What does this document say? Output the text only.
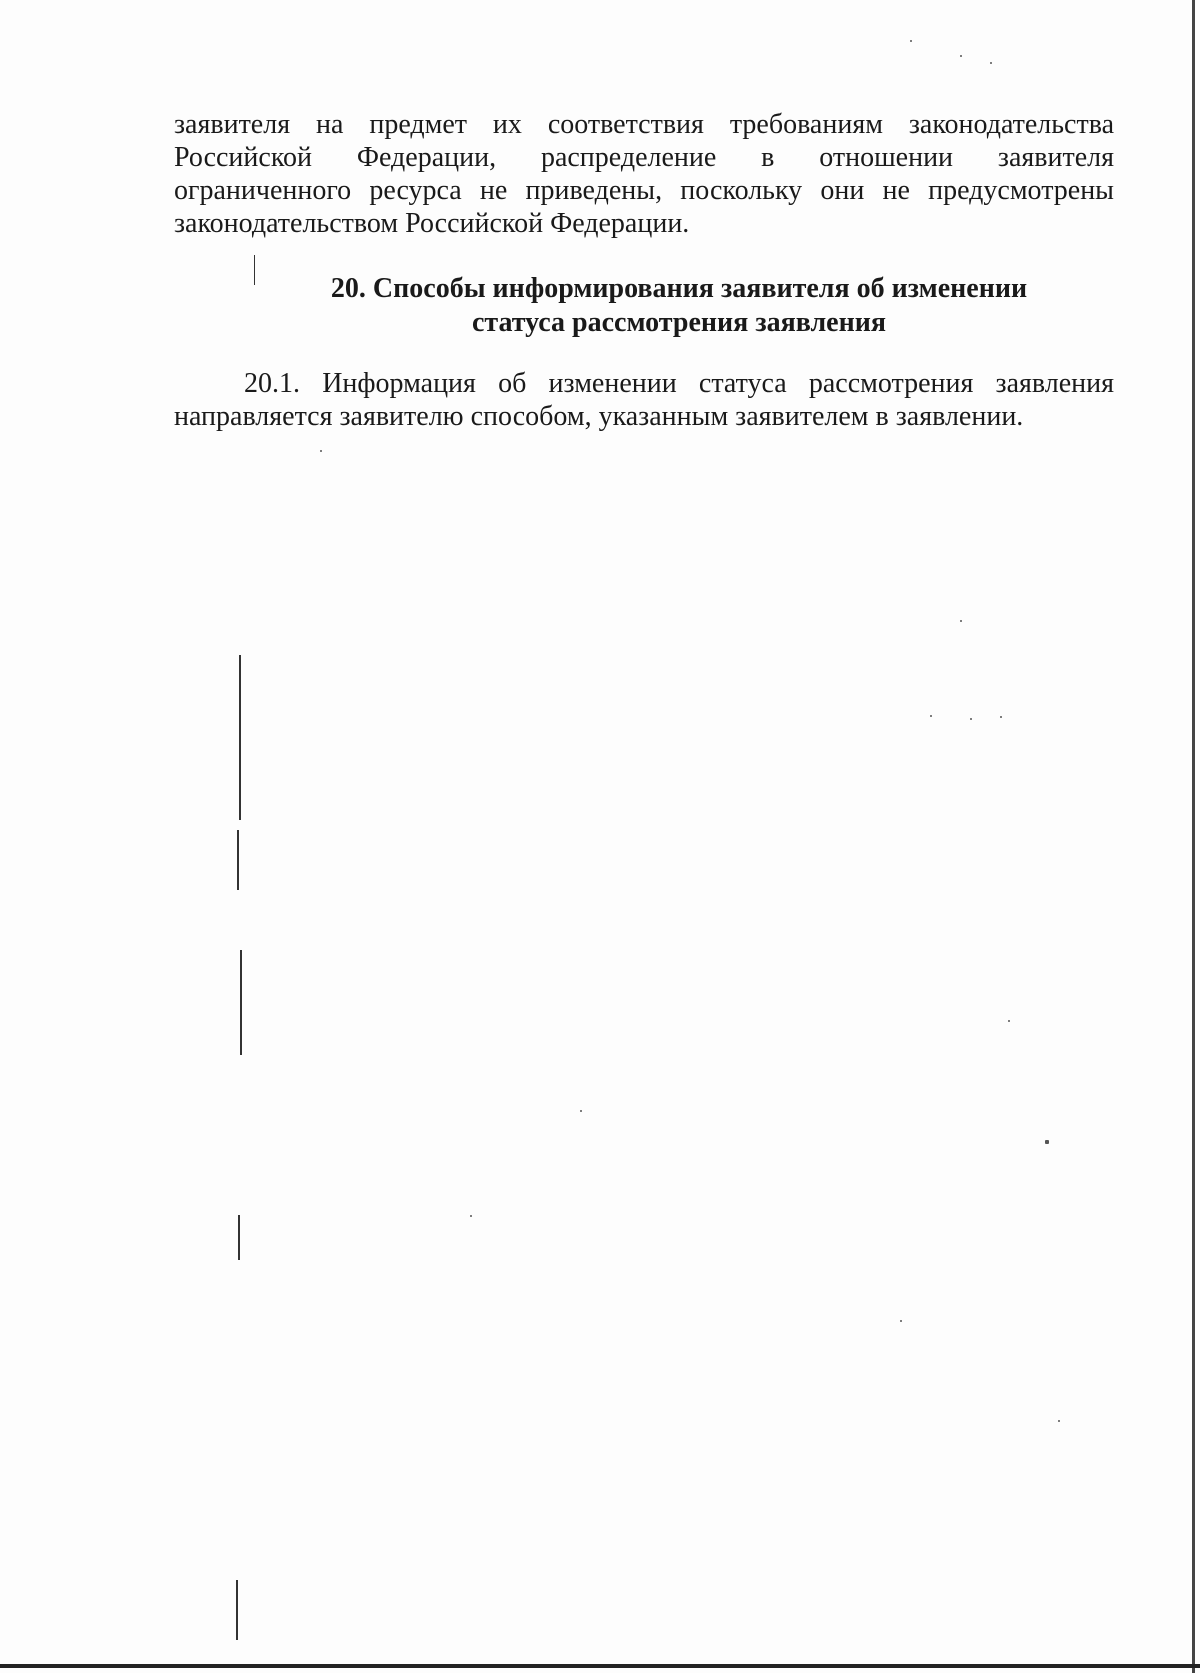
заявителя на предмет их соответствия требованиям законодательства
Российской Федерации, распределение в отношении заявителя
ограниченного ресурса не приведены, поскольку они не предусмотрены
законодательством Российской Федерации.
20. Способы информирования заявителя об изменении
статуса рассмотрения заявления
20.1. Информация об изменении статуса рассмотрения заявления
направляется заявителю способом, указанным заявителем в заявлении.
